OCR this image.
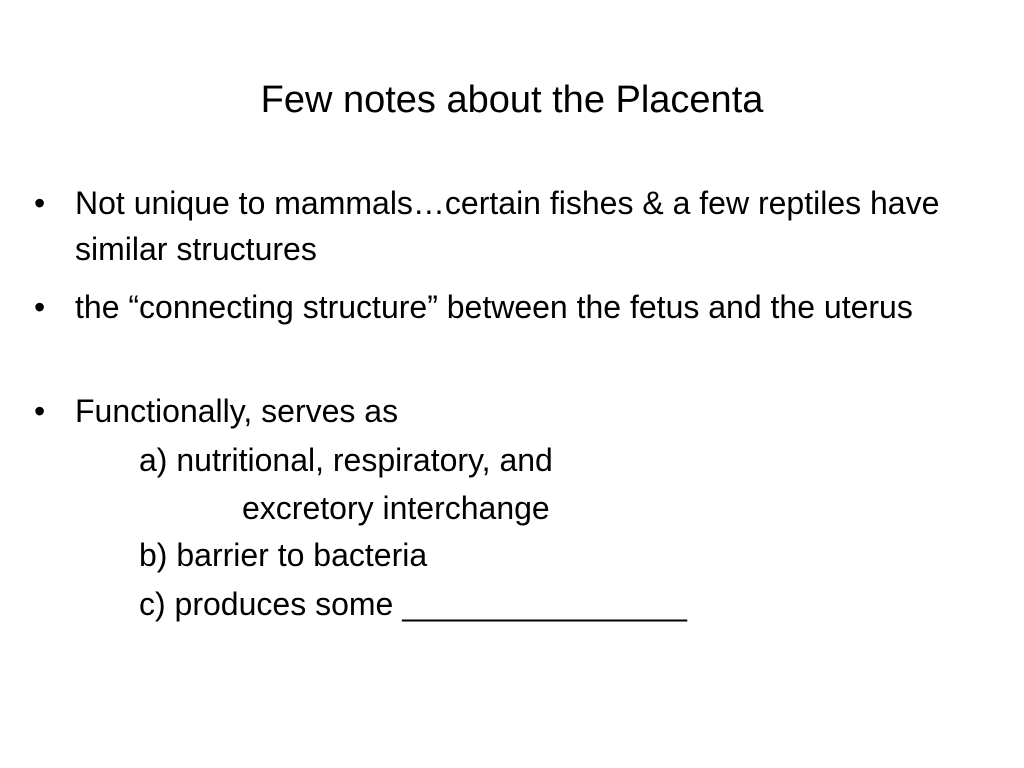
Few notes about the Placenta
• Not unique to mammals…certain fishes & a few reptiles have similar structures
• the “connecting structure” between the fetus and the uterus
• Functionally, serves as
a) nutritional, respiratory, and
excretory interchange
b) barrier to bacteria
c) produces some ________________
